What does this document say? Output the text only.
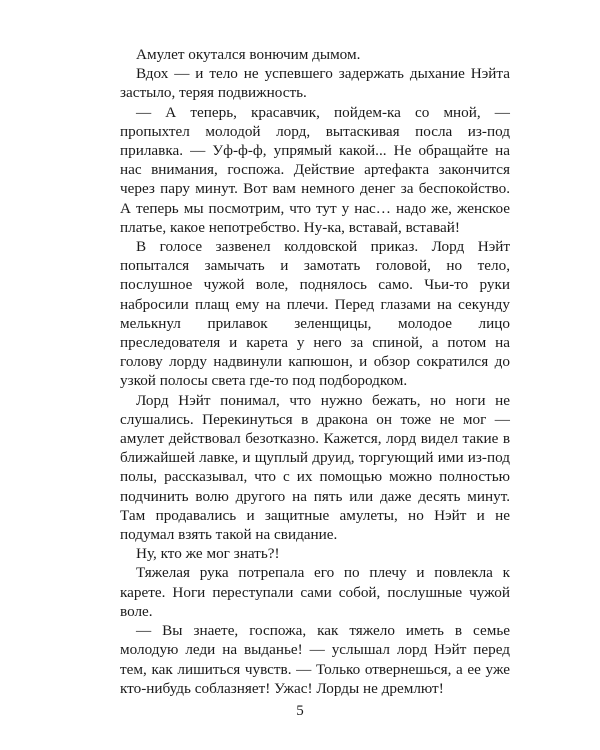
Амулет окутался вонючим дымом.

Вдох — и тело не успевшего задержать дыхание Нэйта застыло, теряя подвижность.

— А теперь, красавчик, пойдем-ка со мной, — пропыхтел молодой лорд, вытаскивая посла из-под прилавка. — Уф-ф-ф, упрямый какой... Не обращайте на нас внимания, госпожа. Действие артефакта закончится через пару минут. Вот вам немного денег за беспокойство. А теперь мы посмотрим, что тут у нас… надо же, женское платье, какое непотребство. Ну-ка, вставай, вставай!

В голосе зазвенел колдовской приказ. Лорд Нэйт попытался замычать и замотать головой, но тело, послушное чужой воле, поднялось само. Чьи-то руки набросили плащ ему на плечи. Перед глазами на секунду мелькнул прилавок зеленщицы, молодое лицо преследователя и карета у него за спиной, а потом на голову лорду надвинули капюшон, и обзор сократился до узкой полосы света где-то под подбородком.

Лорд Нэйт понимал, что нужно бежать, но ноги не слушались. Перекинуться в дракона он тоже не мог — амулет действовал безотказно. Кажется, лорд видел такие в ближайшей лавке, и щуплый друид, торгующий ими из-под полы, рассказывал, что с их помощью можно полностью подчинить волю другого на пять или даже десять минут. Там продавались и защитные амулеты, но Нэйт и не подумал взять такой на свидание.

Ну, кто же мог знать?!

Тяжелая рука потрепала его по плечу и повлекла к карете. Ноги переступали сами собой, послушные чужой воле.

— Вы знаете, госпожа, как тяжело иметь в семье молодую леди на выданье! — услышал лорд Нэйт перед тем, как лишиться чувств. — Только отвернешься, а ее уже кто-нибудь соблазняет! Ужас! Лорды не дремлют!

5
